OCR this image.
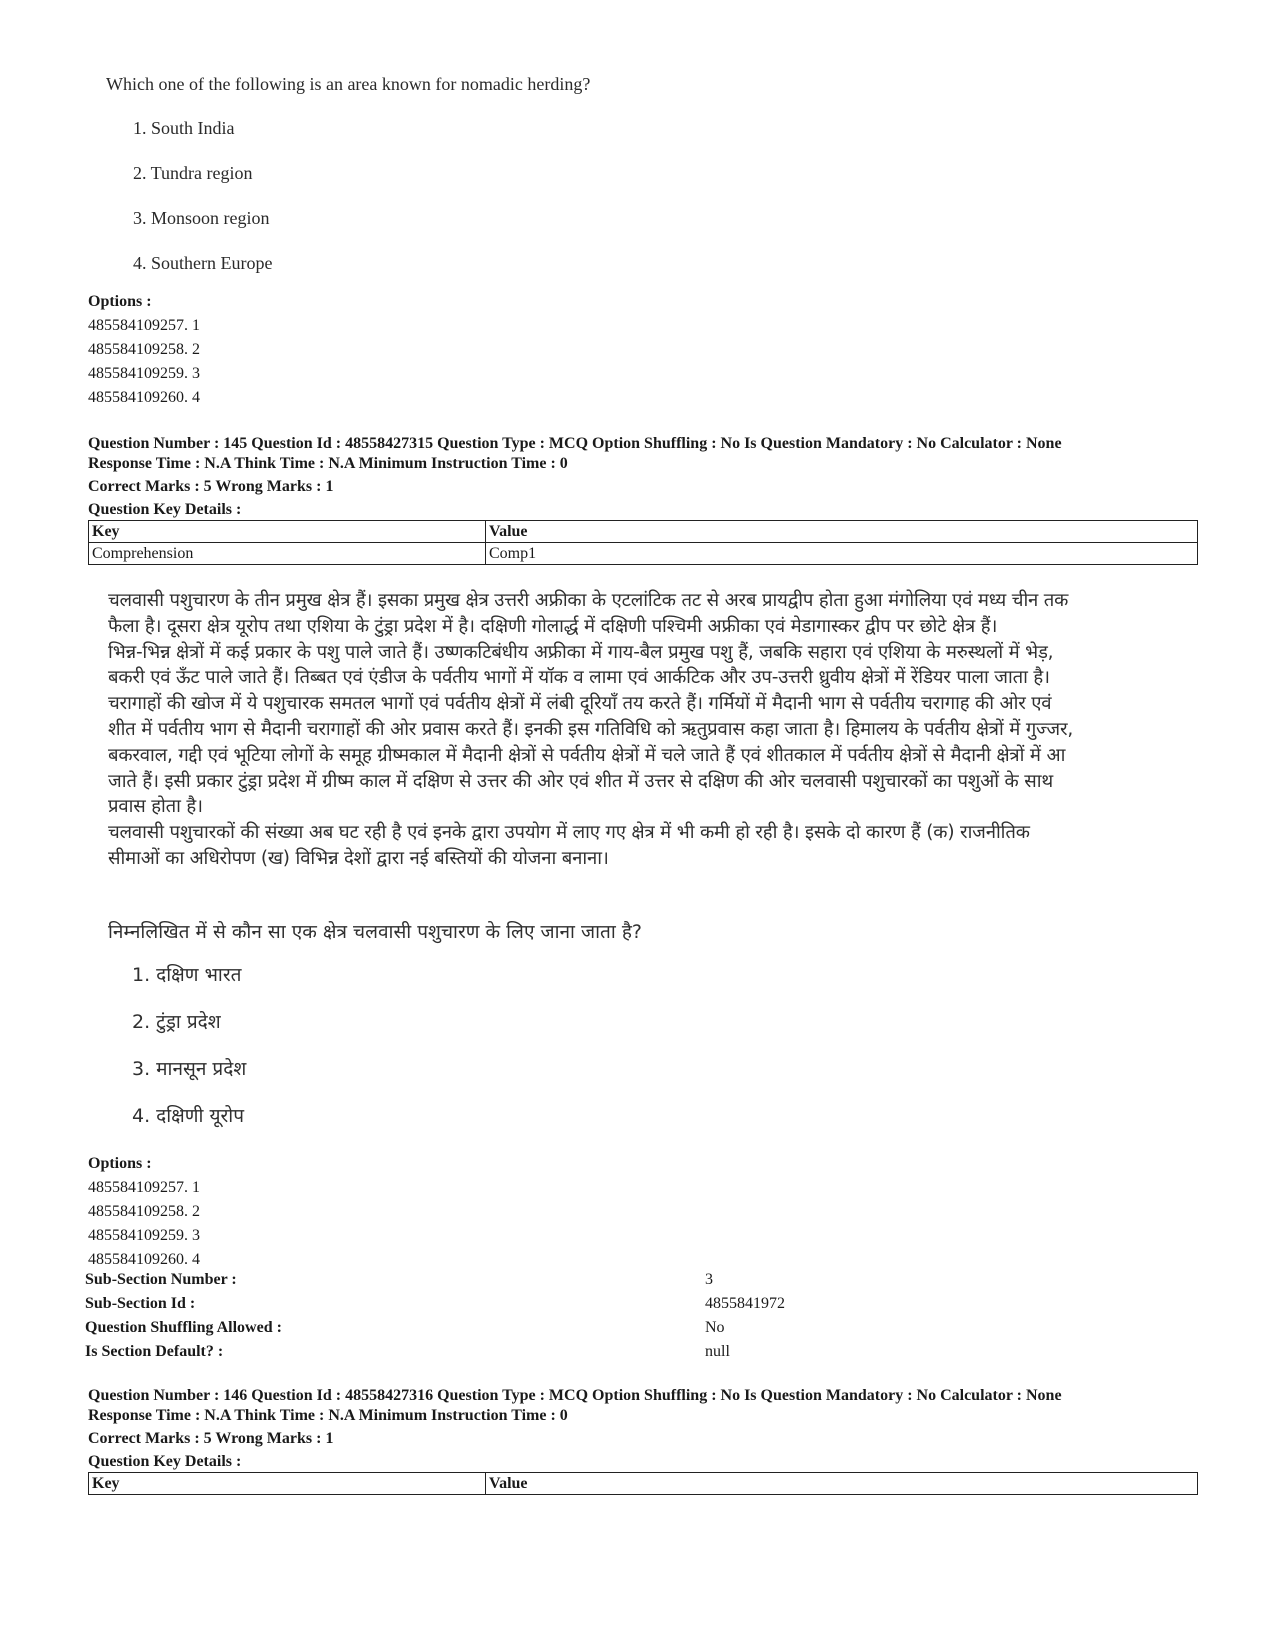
Which one of the following is an area known for nomadic herding?
1. South India
2. Tundra region
3. Monsoon region
4. Southern Europe
Options :
485584109257. 1
485584109258. 2
485584109259. 3
485584109260. 4
Question Number : 145 Question Id : 48558427315 Question Type : MCQ Option Shuffling : No Is Question Mandatory : No Calculator : None
Response Time : N.A Think Time : N.A Minimum Instruction Time : 0
Correct Marks : 5 Wrong Marks : 1
Question Key Details :
Key	Value
Comprehension	Comp1
चलवासी पशुचारण के तीन प्रमुख क्षेत्र हैं। इसका प्रमुख क्षेत्र उत्तरी अफ्रीका के एटलांटिक तट से अरब प्रायद्वीप होता हुआ मंगोलिया एवं मध्य चीन तक
फैला है। दूसरा क्षेत्र यूरोप तथा एशिया के टुंड्रा प्रदेश में है। दक्षिणी गोलार्द्ध में दक्षिणी पश्चिमी अफ्रीका एवं मेडागास्कर द्वीप पर छोटे क्षेत्र हैं।
भिन्न-भिन्न क्षेत्रों में कई प्रकार के पशु पाले जाते हैं। उष्णकटिबंधीय अफ्रीका में गाय-बैल प्रमुख पशु हैं, जबकि सहारा एवं एशिया के मरुस्थलों में भेड़,
बकरी एवं ऊँट पाले जाते हैं। तिब्बत एवं एंडीज के पर्वतीय भागों में यॉक व लामा एवं आर्कटिक और उप-उत्तरी ध्रुवीय क्षेत्रों में रेंडियर पाला जाता है।
चरागाहों की खोज में ये पशुचारक समतल भागों एवं पर्वतीय क्षेत्रों में लंबी दूरियाँ तय करते हैं। गर्मियों में मैदानी भाग से पर्वतीय चरागाह की ओर एवं
शीत में पर्वतीय भाग से मैदानी चरागाहों की ओर प्रवास करते हैं। इनकी इस गतिविधि को ऋतुप्रवास कहा जाता है। हिमालय के पर्वतीय क्षेत्रों में गुज्जर,
बकरवाल, गद्दी एवं भूटिया लोगों के समूह ग्रीष्मकाल में मैदानी क्षेत्रों से पर्वतीय क्षेत्रों में चले जाते हैं एवं शीतकाल में पर्वतीय क्षेत्रों से मैदानी क्षेत्रों में आ
जाते हैं। इसी प्रकार टुंड्रा प्रदेश में ग्रीष्म काल में दक्षिण से उत्तर की ओर एवं शीत में उत्तर से दक्षिण की ओर चलवासी पशुचारकों का पशुओं के साथ
प्रवास होता है।
चलवासी पशुचारकों की संख्या अब घट रही है एवं इनके द्वारा उपयोग में लाए गए क्षेत्र में भी कमी हो रही है। इसके दो कारण हैं (क) राजनीतिक
सीमाओं का अधिरोपण (ख) विभिन्न देशों द्वारा नई बस्तियों की योजना बनाना।
निम्नलिखित में से कौन सा एक क्षेत्र चलवासी पशुचारण के लिए जाना जाता है?
1. दक्षिण भारत
2. टुंड्रा प्रदेश
3. मानसून प्रदेश
4. दक्षिणी यूरोप
Options :
485584109257. 1
485584109258. 2
485584109259. 3
485584109260. 4
Sub-Section Number :	3
Sub-Section Id :	4855841972
Question Shuffling Allowed :	No
Is Section Default? :	null
Question Number : 146 Question Id : 48558427316 Question Type : MCQ Option Shuffling : No Is Question Mandatory : No Calculator : None
Response Time : N.A Think Time : N.A Minimum Instruction Time : 0
Correct Marks : 5 Wrong Marks : 1
Question Key Details :
Key	Value
